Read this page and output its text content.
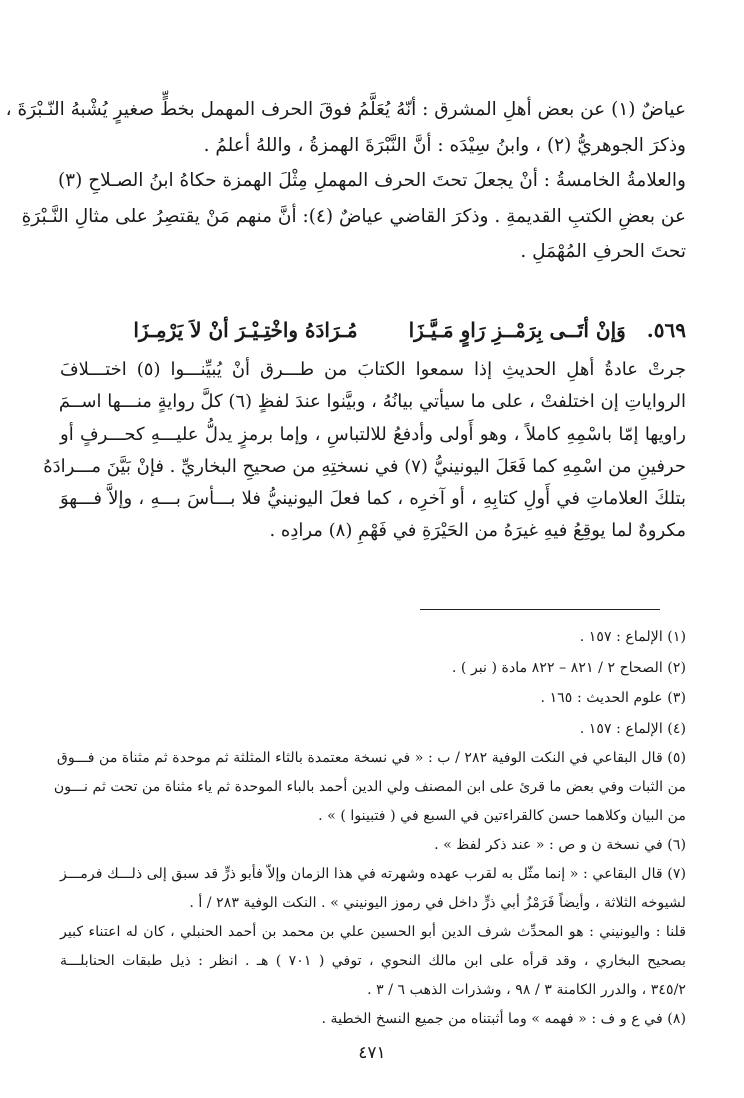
عياضٌ (١) عن بعض أهلِ المشرق : أنّهُ يُعَلَّمُ فوقَ الحرف المهمل بخطٍّ صغيرٍ يُشْبهُ النّـبْرَةَ ،
وذكرَ الجوهريُّ (٢) ، وابنُ سِيْدَه : أنَّ النَّبْرَةَ الهمزةُ ، واللهُ أعلمُ .
والعلامةُ الخامسةُ : أنْ يجعلَ تحتَ الحرف المهملِ مِثْلَ الهمزة حكاهُ ابنُ الصـلاحِ (٣)
عن بعضِ الكتبِ القديمةِ . وذكرَ القاضي عياضٌ (٤): أنَّ منهم مَنْ يقتصِرُ على مثالِ النَّـبْرَةِ
تحتَ الحرفِ المُهْمَلِ .
٥٦٩. وَإنْ أتَــى بِرَمْــزِ رَاوٍ مَـيَّـزَا مُـرَادَهُ واخْتِـيْـرَ أنْ لاَ يَرْمِـزَا
جرتْ عادةُ أهلِ الحديثِ إذا سمعوا الكتابَ من طـــرق أنْ يُبيِّنـــوا (٥) اختـــلافَ
الرواياتِ إن اختلفتْ ، على ما سيأتي بيانُهُ ، وبيَّنوا عندَ لفظٍ (٦) كلَّ روايةٍ منـــها اســمَ
راويها إمّا باسْمِهِ كاملاً ، وهو أَولى وأدفعُ للالتباسِ ، وإما برمزٍ يدلُّ عليـــهِ كحـــرفٍ أو
حرفينِ من اسْمِهِ كما فَعَلَ اليونينيُّ (٧) في نسختِهِ من صحيحِ البخاريِّ . فإنْ بَيَّنَ مـــرادَهُ
بتلكَ العلاماتِ في أَولِ كتابِهِ ، أو آخرِه ، كما فعلَ اليونينيُّ فلا بـــأسَ بـــهِ ، وإلاَّ فـــهوَ
مكروهٌ لما يوقِعُ فيهِ غيرَهُ من الحَيْرَةِ في فَهْمِ (٨) مرادِه .
(١) الإلماع : ١٥٧ .
(٢) الصحاح ٢ / ٨٢١ – ٨٢٢ مادة ( نبر ) .
(٣) علوم الحديث : ١٦٥ .
(٤) الإلماع : ١٥٧ .
(٥) قال البقاعي في النكت الوفية ٢٨٢ / ب : « في نسخة معتمدة بالثاء المثلثة ثم موحدة ثم مثناة من فـــوق
من الثبات وفي بعض ما قرئ على ابن المصنف ولي الدين أحمد بالباء الموحدة ثم ياء مثناة من تحت ثم نـــون
من البيان وكلاهما حسن كالقراءتين في السبع في ( فتبينوا ) » .
(٦) في نسخة ن و ص : « عند ذكر لفظ » .
(٧) قال البقاعي : « إنما مثّل به لقرب عهده وشهرته في هذا الزمان وإلاّ فأبو ذرٍّ قد سبق إلى ذلـــك فرمـــز
لشيوخه الثلاثة ، وأيضاً فَرَمْزُ أبي ذرٍّ داخل في رموز اليونيني » . النكت الوفية ٢٨٣ / أ .
قلنا : واليونيني : هو المحدِّث شرف الدين أبو الحسين علي بن محمد بن أحمد الحنبلي ، كان له اعتناء كبير
بصحيح البخاري ، وقد قرأه على ابن مالك النحوي ، توفي ( ٧٠١ ) هـ . انظر : ذيل طبقات الحنابلـــة
٣٤٥/٢ ، والدرر الكامنة ٣ / ٩٨ ، وشذرات الذهب ٦ / ٣ .
(٨) في ع و ف : « فهمه » وما أثبتناه من جميع النسخ الخطية .
٤٧١
